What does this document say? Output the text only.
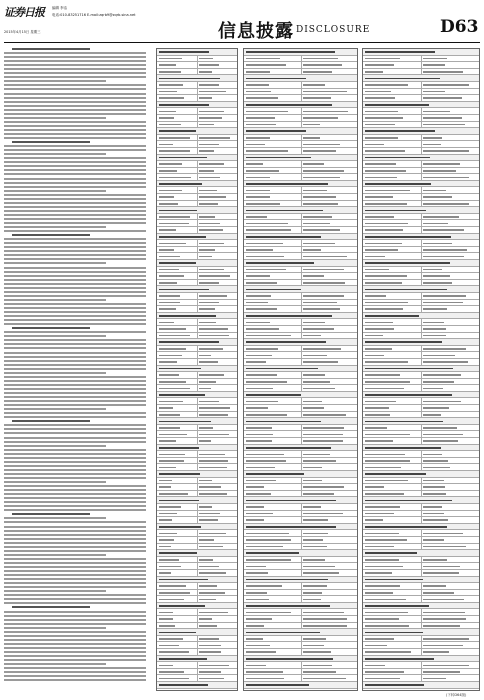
证券日报 编辑 李洁
2015年4月15日 星期三
电话:010-83251716 E-mail:zqrb9@zqrb.sina.net
信息披露 DISCLOSURE	D63
(下转D64版)
